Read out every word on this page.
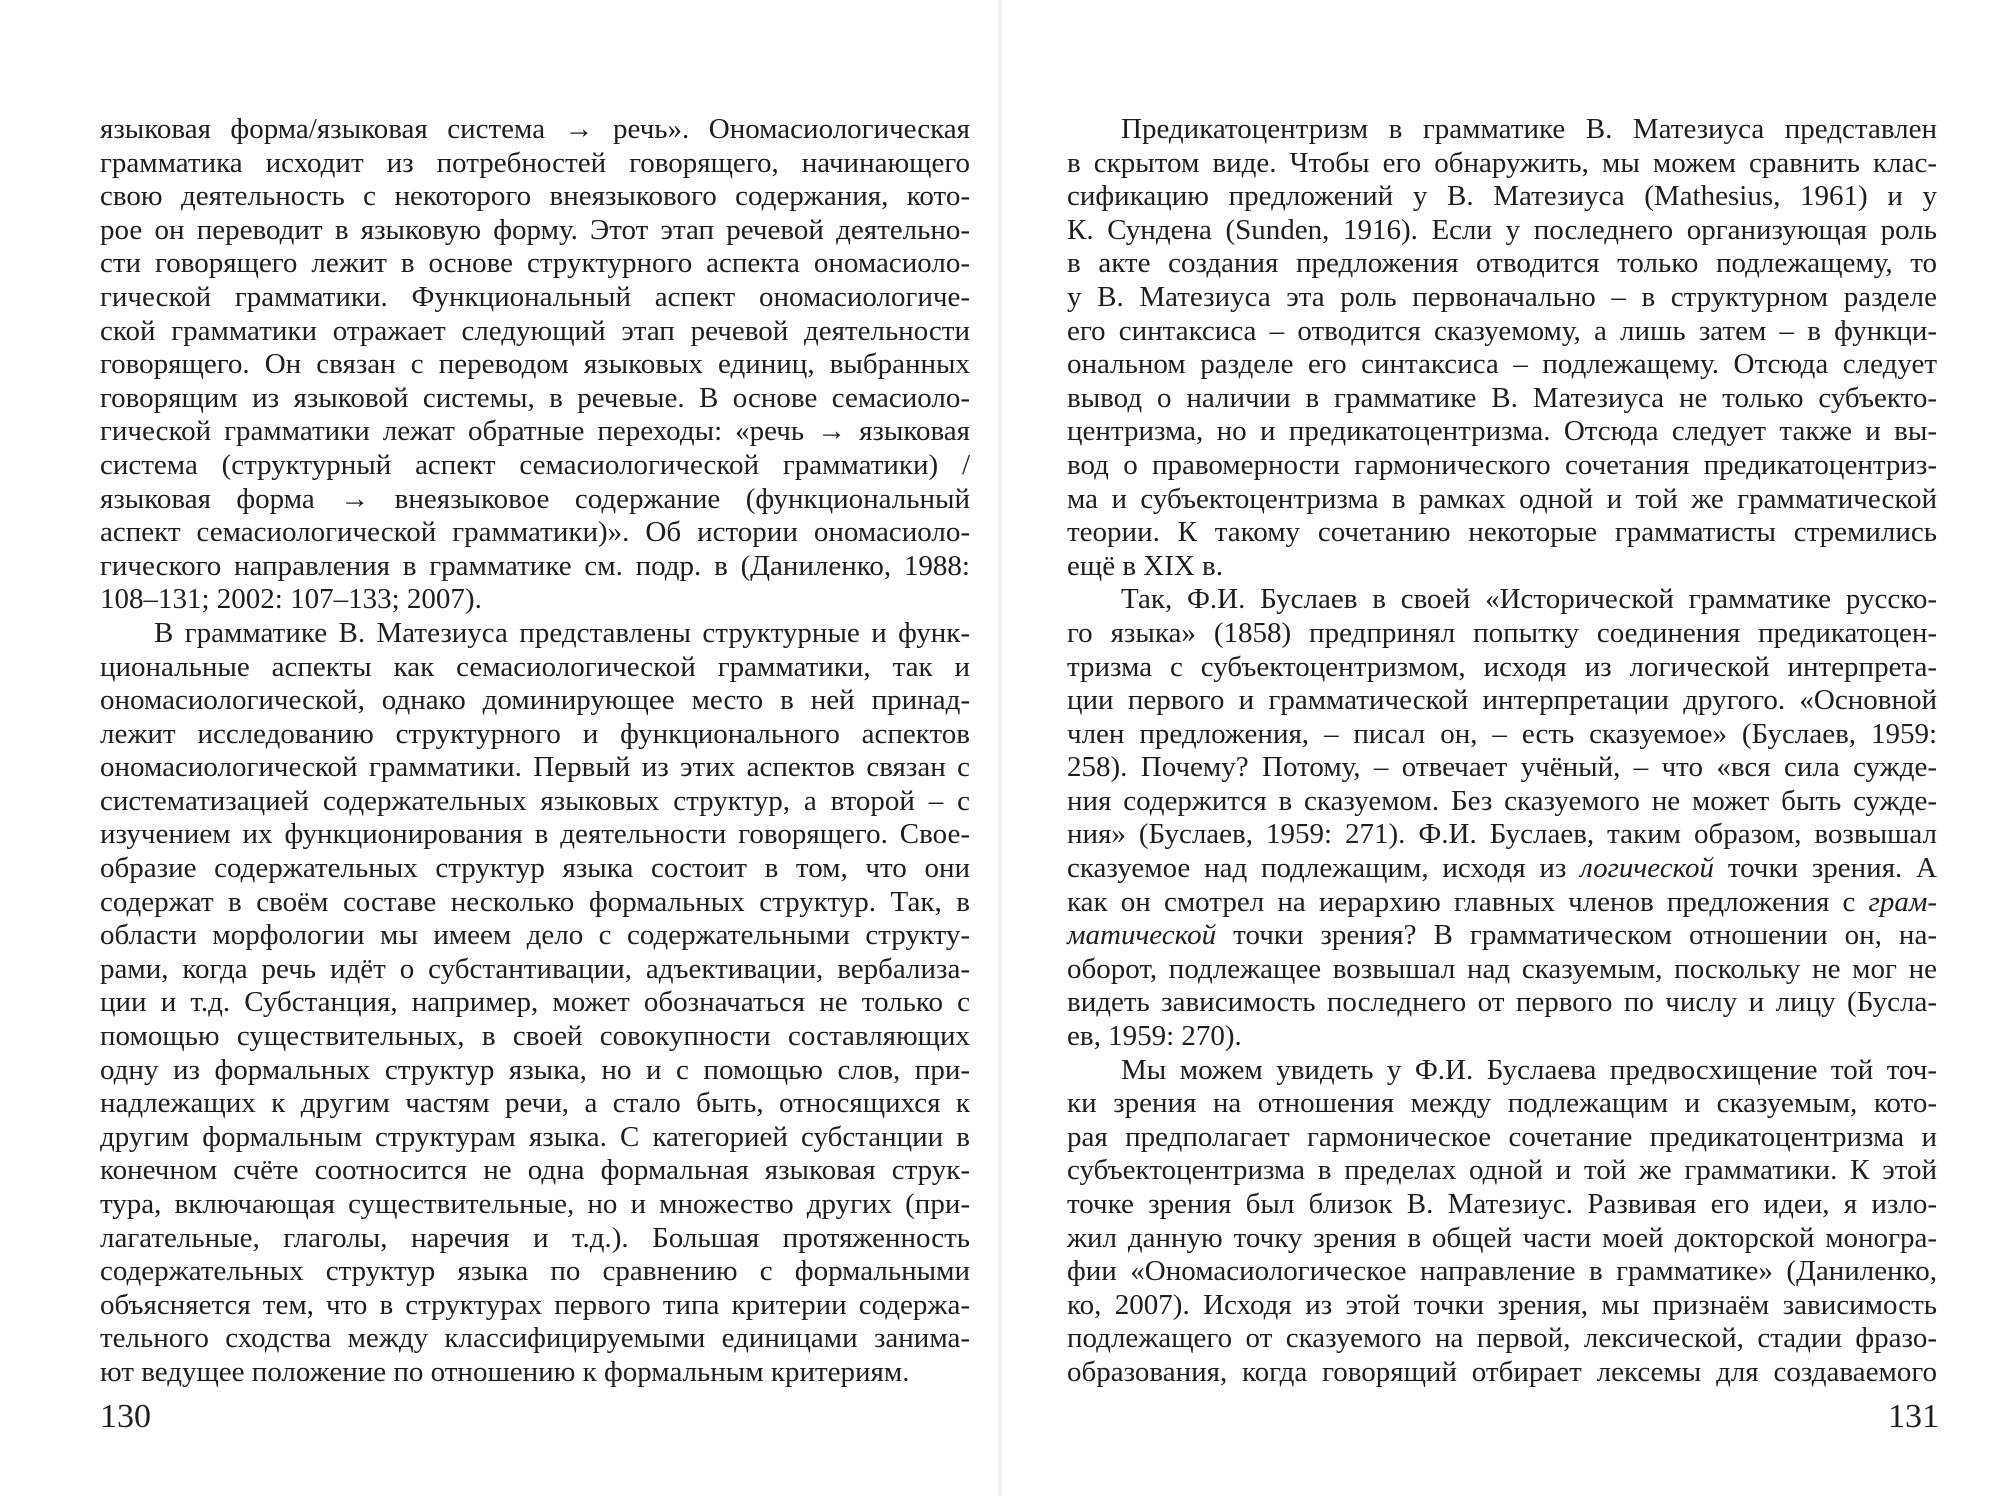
языковая форма/языковая система → речь». Ономасиологическая
грамматика исходит из потребностей говорящего, начинающего
свою деятельность с некоторого внеязыкового содержания, кото-
рое он переводит в языковую форму. Этот этап речевой деятельно-
сти говорящего лежит в основе структурного аспекта ономасиоло-
гической грамматики. Функциональный аспект ономасиологиче-
ской грамматики отражает следующий этап речевой деятельности
говорящего. Он связан с переводом языковых единиц, выбранных
говорящим из языковой системы, в речевые. В основе семасиоло-
гической грамматики лежат обратные переходы: «речь → языковая
система (структурный аспект семасиологической грамматики) /
языковая форма → внеязыковое содержание (функциональный
аспект семасиологической грамматики)». Об истории ономасиоло-
гического направления в грамматике см. подр. в (Даниленко, 1988:
108–131; 2002: 107–133; 2007).
В грамматике В. Матезиуса представлены структурные и функ-
циональные аспекты как семасиологической грамматики, так и
ономасиологической, однако доминирующее место в ней принад-
лежит исследованию структурного и функционального аспектов
ономасиологической грамматики. Первый из этих аспектов связан с
систематизацией содержательных языковых структур, а второй – с
изучением их функционирования в деятельности говорящего. Свое-
образие содержательных структур языка состоит в том, что они
содержат в своём составе несколько формальных структур. Так, в
области морфологии мы имеем дело с содержательными структу-
рами, когда речь идёт о субстантивации, адъективации, вербализа-
ции и т.д. Субстанция, например, может обозначаться не только с
помощью существительных, в своей совокупности составляющих
одну из формальных структур языка, но и с помощью слов, при-
надлежащих к другим частям речи, а стало быть, относящихся к
другим формальным структурам языка. С категорией субстанции в
конечном счёте соотносится не одна формальная языковая струк-
тура, включающая существительные, но и множество других (при-
лагательные, глаголы, наречия и т.д.). Большая протяженность
содержательных структур языка по сравнению с формальными
объясняется тем, что в структурах первого типа критерии содержа-
тельного сходства между классифицируемыми единицами занима-
ют ведущее положение по отношению к формальным критериям.
130
Предикатоцентризм в грамматике В. Матезиуса представлен
в скрытом виде. Чтобы его обнаружить, мы можем сравнить клас-
сификацию предложений у В. Матезиуса (Mathesius, 1961) и у
К. Сундена (Sunden, 1916). Если у последнего организующая роль
в акте создания предложения отводится только подлежащему, то
у В. Матезиуса эта роль первоначально – в структурном разделе
его синтаксиса – отводится сказуемому, а лишь затем – в функци-
ональном разделе его синтаксиса – подлежащему. Отсюда следует
вывод о наличии в грамматике В. Матезиуса не только субъекто-
центризма, но и предикатоцентризма. Отсюда следует также и вы-
вод о правомерности гармонического сочетания предикатоцентриз-
ма и субъектоцентризма в рамках одной и той же грамматической
теории. К такому сочетанию некоторые грамматисты стремились
ещё в XIX в.
Так, Ф.И. Буслаев в своей «Исторической грамматике русско-
го языка» (1858) предпринял попытку соединения предикатоцен-
тризма с субъектоцентризмом, исходя из логической интерпрета-
ции первого и грамматической интерпретации другого. «Основной
член предложения, – писал он, – есть сказуемое» (Буслаев, 1959:
258). Почему? Потому, – отвечает учёный, – что «вся сила сужде-
ния содержится в сказуемом. Без сказуемого не может быть сужде-
ния» (Буслаев, 1959: 271). Ф.И. Буслаев, таким образом, возвышал
сказуемое над подлежащим, исходя из логической точки зрения. А
как он смотрел на иерархию главных членов предложения с грам-
матической точки зрения? В грамматическом отношении он, на-
оборот, подлежащее возвышал над сказуемым, поскольку не мог не
видеть зависимость последнего от первого по числу и лицу (Бусла-
ев, 1959: 270).
Мы можем увидеть у Ф.И. Буслаева предвосхищение той точ-
ки зрения на отношения между подлежащим и сказуемым, кото-
рая предполагает гармоническое сочетание предикатоцентризма и
субъектоцентризма в пределах одной и той же грамматики. К этой
точке зрения был близок В. Матезиус. Развивая его идеи, я изло-
жил данную точку зрения в общей части моей докторской моногра-
фии «Ономасиологическое направление в грамматике» (Даниленко,
ко, 2007). Исходя из этой точки зрения, мы признаём зависимость
подлежащего от сказуемого на первой, лексической, стадии фразо-
образования, когда говорящий отбирает лексемы для создаваемого
131
